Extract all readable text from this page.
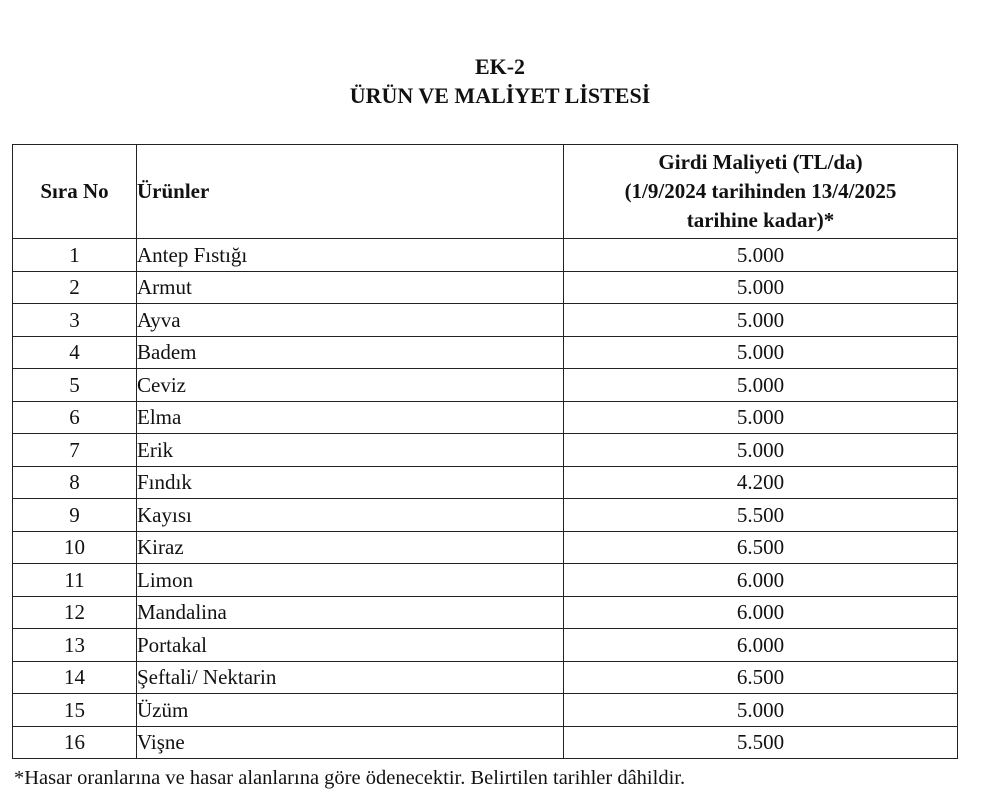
EK-2
ÜRÜN VE MALİYET LİSTESİ
Sıra No	Ürünler	Girdi Maliyeti (TL/da)
(1/9/2024 tarihinden 13/4/2025
tarihine kadar)*

1	Antep Fıstığı	5.000
2	Armut	5.000
3	Ayva	5.000
4	Badem	5.000
5	Ceviz	5.000
6	Elma	5.000
7	Erik	5.000
8	Fındık	4.200
9	Kayısı	5.500
10	Kiraz	6.500
11	Limon	6.000
12	Mandalina	6.000
13	Portakal	6.000
14	Şeftali/ Nektarin	6.500
15	Üzüm	5.000
16	Vişne	5.500
*Hasar oranlarına ve hasar alanlarına göre ödenecektir. Belirtilen tarihler dâhildir.
